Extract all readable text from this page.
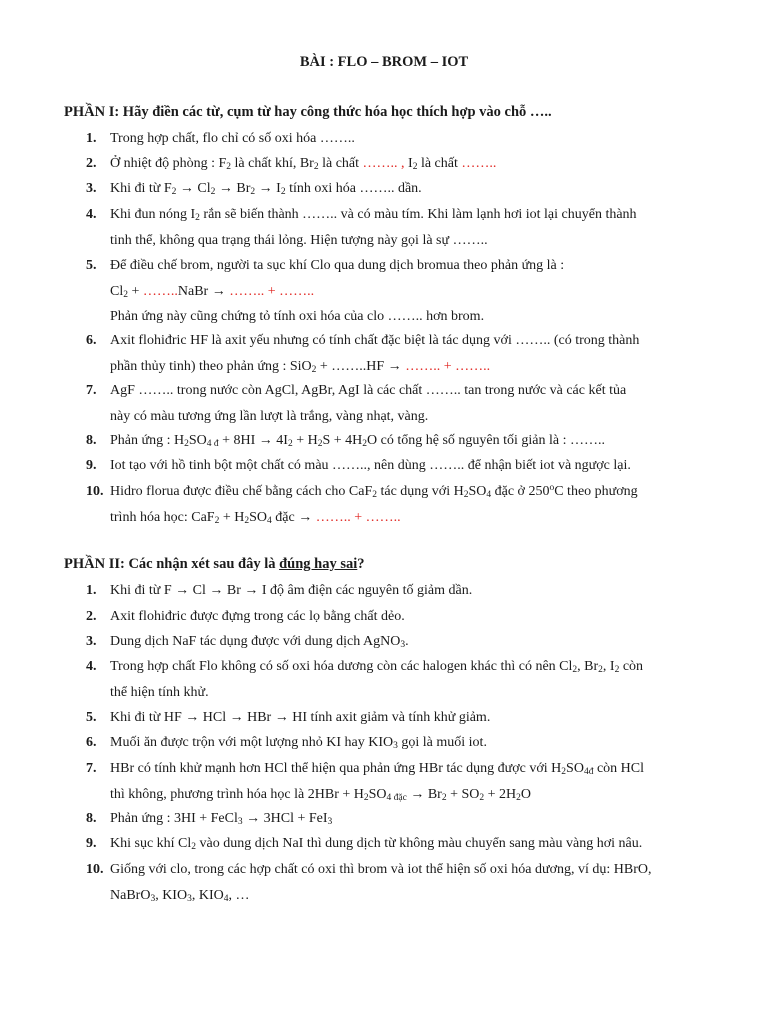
BÀI : FLO – BROM – IOT
PHẦN I: Hãy điền các từ, cụm từ hay công thức hóa học thích hợp vào chỗ …..
1. Trong hợp chất, flo chỉ có số oxi hóa ……..
2. Ở nhiệt độ phòng : $F_2$ là chất khí, $Br_2$ là chất …….. , $I_2$ là chất ……..
3. Khi đi từ $F_2 \to Cl_2 \to Br_2 \to I_2$ tính oxi hóa …….. dần.
4. Khi đun nóng $I_2$ rắn sẽ biến thành …….. và có màu tím. Khi làm lạnh hơi iot lại chuyển thành
tinh thể, không qua trạng thái lỏng. Hiện tượng này gọi là sự ……..
5. Để điều chế brom, người ta sục khí Clo qua dung dịch bromua theo phản ứng là :
$Cl_2$ + ……..NaBr → …….. + ……..
Phản ứng này cũng chứng tỏ tính oxi hóa của clo …….. hơn brom.
6. Axit flohiđric HF là axit yếu nhưng có tính chất đặc biệt là tác dụng với …….. (có trong thành
phần thủy tinh) theo phản ứng : SiO$_2$ + ……..HF → …….. + ……..
7. AgF …….. trong nước còn AgCl, AgBr, AgI là các chất …….. tan trong nước và các kết tủa
này có màu tương ứng lần lượt là trắng, vàng nhạt, vàng.
8. Phản ứng : $H_2SO_{4 đ} + 8HI \to 4I_2 + H_2S + 4H_2O$ có tổng hệ số nguyên tối giản là : ……..
9. Iot tạo với hồ tinh bột một chất có màu …….., nên dùng …….. để nhận biết iot và ngược lại.
10. Hidro florua được điều chế bằng cách cho CaF$_2$ tác dụng với $H_2SO_4$ đặc ở 250$^o$C theo phương
trình hóa học: $CaF_2 + H_2SO_4$ đặc → …….. + ……..
PHẦN II: Các nhận xét sau đây là đúng hay sai?
1. Khi đi từ F → Cl → Br → I độ âm điện các nguyên tố giảm dần.
2. Axit flohiđric được đựng trong các lọ bằng chất dẻo.
3. Dung dịch NaF tác dụng được với dung dịch AgNO$_3$.
4. Trong hợp chất Flo không có số oxi hóa dương còn các halogen khác thì có nên $Cl_2$, $Br_2$, $I_2$ còn
thể hiện tính khử.
5. Khi đi từ HF → HCl → HBr → HI tính axit giảm và tính khử giảm.
6. Muối ăn được trộn với một lượng nhỏ KI hay $KIO_3$ gọi là muối iot.
7. HBr có tính khử mạnh hơn HCl thể hiện qua phản ứng HBr tác dụng được với $H_2SO_{4đ}$ còn HCl
thì không, phương trình hóa học là $2HBr + H_2SO_{4 đặc} \to Br_2 + SO_2 + 2H_2O$
8. Phản ứng : 3HI + FeCl$_3$ → 3HCl + FeI$_3$
9. Khi sục khí $Cl_2$ vào dung dịch NaI thì dung dịch từ không màu chuyển sang màu vàng hơi nâu.
10. Giống với clo, trong các hợp chất có oxi thì brom và iot thể hiện số oxi hóa dương, ví dụ: HBrO,
NaBrO$_3$, $KIO_3$, $KIO_4$, …
